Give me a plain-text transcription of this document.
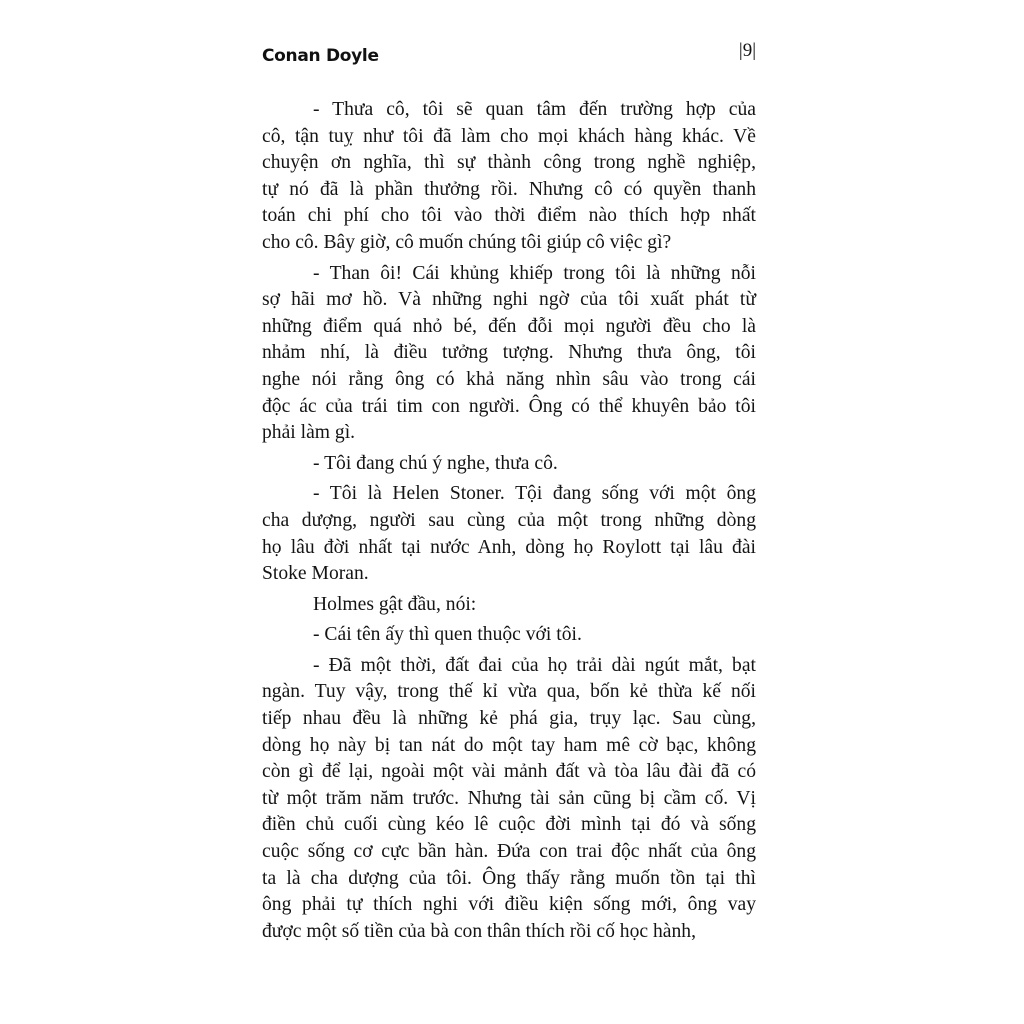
Conan Doyle	|9|
- Thưa cô, tôi sẽ quan tâm đến trường hợp của
cô, tận tuỵ như tôi đã làm cho mọi khách hàng khác. Về
chuyện ơn nghĩa, thì sự thành công trong nghề nghiệp,
tự nó đã là phần thưởng rồi. Nhưng cô có quyền thanh
toán chi phí cho tôi vào thời điểm nào thích hợp nhất
cho cô. Bây giờ, cô muốn chúng tôi giúp cô việc gì?
- Than ôi! Cái khủng khiếp trong tôi là những nỗi
sợ hãi mơ hồ. Và những nghi ngờ của tôi xuất phát từ
những điểm quá nhỏ bé, đến đỗi mọi người đều cho là
nhảm nhí, là điều tưởng tượng. Nhưng thưa ông, tôi
nghe nói rằng ông có khả năng nhìn sâu vào trong cái
độc ác của trái tim con người. Ông có thể khuyên bảo tôi
phải làm gì.
- Tôi đang chú ý nghe, thưa cô.
- Tôi là Helen Stoner. Tội đang sống với một ông
cha dượng, người sau cùng của một trong những dòng
họ lâu đời nhất tại nước Anh, dòng họ Roylott tại lâu đài
Stoke Moran.
Holmes gật đầu, nói:
- Cái tên ấy thì quen thuộc với tôi.
- Đã một thời, đất đai của họ trải dài ngút mắt, bạt
ngàn. Tuy vậy, trong thế kỉ vừa qua, bốn kẻ thừa kế nối
tiếp nhau đều là những kẻ phá gia, trụy lạc. Sau cùng,
dòng họ này bị tan nát do một tay ham mê cờ bạc, không
còn gì để lại, ngoài một vài mảnh đất và tòa lâu đài đã có
từ một trăm năm trước. Nhưng tài sản cũng bị cầm cố. Vị
điền chủ cuối cùng kéo lê cuộc đời mình tại đó và sống
cuộc sống cơ cực bần hàn. Đứa con trai độc nhất của ông
ta là cha dượng của tôi. Ông thấy rằng muốn tồn tại thì
ông phải tự thích nghi với điều kiện sống mới, ông vay
được một số tiền của bà con thân thích rồi cố học hành,
